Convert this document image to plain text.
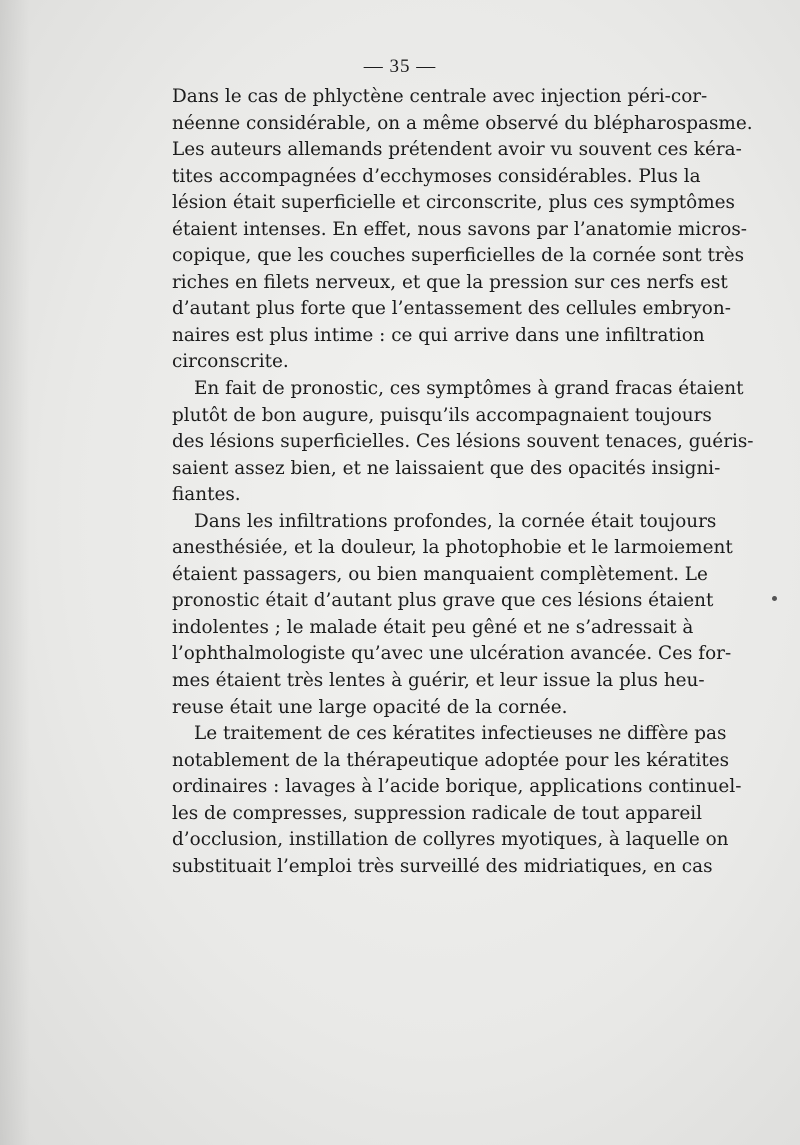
— 35 —
Dans le cas de phlyctène centrale avec injection péri-cor-
néenne considérable, on a même observé du blépharospasme.
Les auteurs allemands prétendent avoir vu souvent ces kéra-
tites accompagnées d’ecchymoses considérables. Plus la
lésion était superficielle et circonscrite, plus ces symptômes
étaient intenses. En effet, nous savons par l’anatomie micros-
copique, que les couches superficielles de la cornée sont très
riches en filets nerveux, et que la pression sur ces nerfs est
d’autant plus forte que l’entassement des cellules embryon-
naires est plus intime : ce qui arrive dans une infiltration
circonscrite.
En fait de pronostic, ces symptômes à grand fracas étaient
plutôt de bon augure, puisqu’ils accompagnaient toujours
des lésions superficielles. Ces lésions souvent tenaces, guéris-
saient assez bien, et ne laissaient que des opacités insigni-
fiantes.
Dans les infiltrations profondes, la cornée était toujours
anesthésiée, et la douleur, la photophobie et le larmoiement
étaient passagers, ou bien manquaient complètement. Le
pronostic était d’autant plus grave que ces lésions étaient
indolentes ; le malade était peu gêné et ne s’adressait à
l’ophthalmologiste qu’avec une ulcération avancée. Ces for-
mes étaient très lentes à guérir, et leur issue la plus heu-
reuse était une large opacité de la cornée.
Le traitement de ces kératites infectieuses ne diffère pas
notablement de la thérapeutique adoptée pour les kératites
ordinaires : lavages à l’acide borique, applications continuel-
les de compresses, suppression radicale de tout appareil
d’occlusion, instillation de collyres myotiques, à laquelle on
substituait l’emploi très surveillé des midriatiques, en cas
